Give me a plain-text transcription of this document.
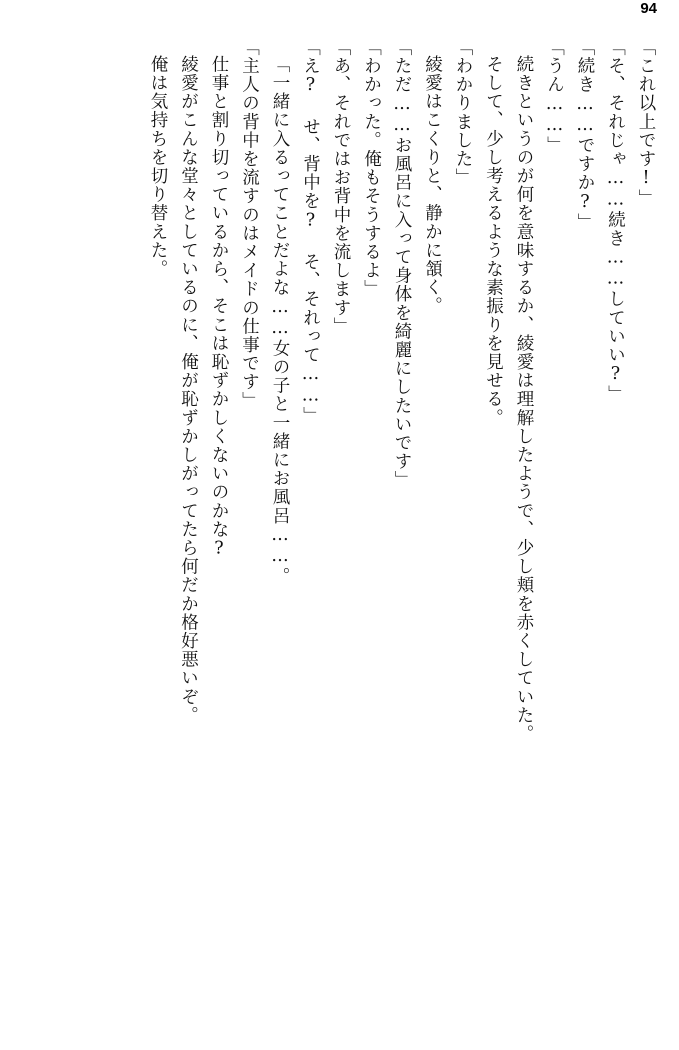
94
「これ以上です!」
「そ、それじゃ……続き……していい?」
「続き……ですか?」
「うん……」
続きというのが何を意味するか、綾愛は理解したようで、少し頬を赤くしていた。
そして、少し考えるような素振りを見せる。
「わかりました」
綾愛はこくりと、静かに頷く。
「ただ……お風呂に入って身体を綺麗にしたいです」
「わかった。俺もそうするよ」
「あ、それではお背中を流します」
「え? せ、背中を? そ、それって……」
「一緒に入るってことだよな……女の子と一緒にお風呂……。
「主人の背中を流すのはメイドの仕事です」
仕事と割り切っているから、そこは恥ずかしくないのかな?
綾愛がこんな堂々としているのに、俺が恥ずかしがってたら何だか格好悪いぞ。
俺は気持ちを切り替えた。
